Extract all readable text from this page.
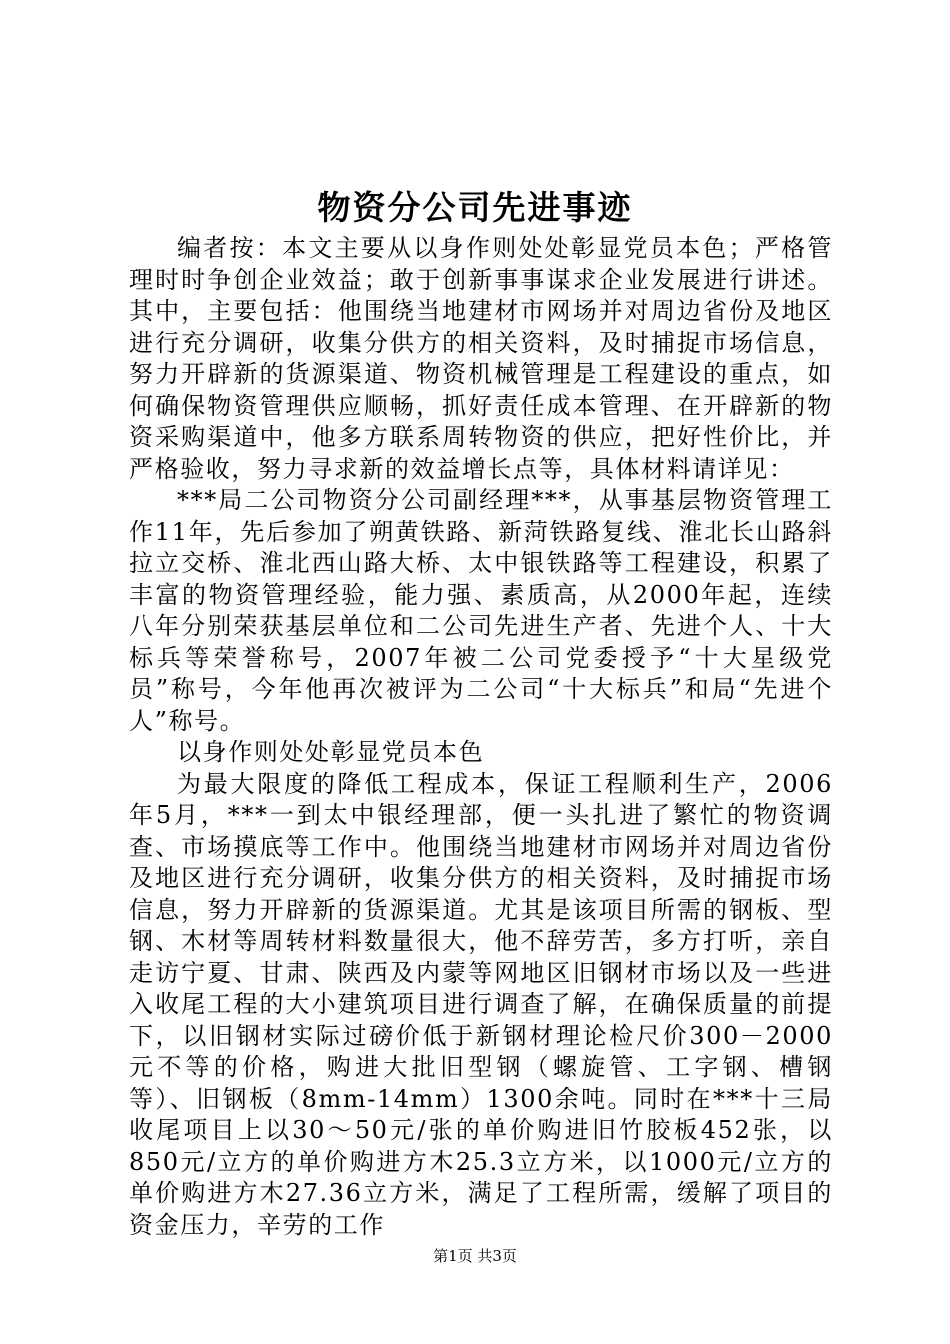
物资分公司先进事迹

编者按：本文主要从以身作则处处彰显党员本色；严格管理时时争创企业效益；敢于创新事事谋求企业发展进行讲述。其中，主要包括：他围绕当地建材市网场并对周边省份及地区进行充分调研，收集分供方的相关资料，及时捕捉市场信息，努力开辟新的货源渠道、物资机械管理是工程建设的重点，如何确保物资管理供应顺畅，抓好责任成本管理、在开辟新的物资采购渠道中，他多方联系周转物资的供应，把好性价比，并严格验收，努力寻求新的效益增长点等，具体材料请详见：

***局二公司物资分公司副经理***，从事基层物资管理工作11年，先后参加了朔黄铁路、新菏铁路复线、淮北长山路斜拉立交桥、淮北西山路大桥、太中银铁路等工程建设，积累了丰富的物资管理经验，能力强、素质高，从2000年起，连续八年分别荣获基层单位和二公司先进生产者、先进个人、十大标兵等荣誉称号，2007年被二公司党委授予“十大星级党员”称号，今年他再次被评为二公司“十大标兵”和局“先进个人”称号。

以身作则处处彰显党员本色

为最大限度的降低工程成本，保证工程顺利生产，2006年5月，***一到太中银经理部，便一头扎进了繁忙的物资调查、市场摸底等工作中。他围绕当地建材市网场并对周边省份及地区进行充分调研，收集分供方的相关资料，及时捕捉市场信息，努力开辟新的货源渠道。尤其是该项目所需的钢板、型钢、木材等周转材料数量很大，他不辞劳苦，多方打听，亲自走访宁夏、甘肃、陕西及内蒙等网地区旧钢材市场以及一些进入收尾工程的大小建筑项目进行调查了解，在确保质量的前提下，以旧钢材实际过磅价低于新钢材理论检尺价300－2000元不等的价格，购进大批旧型钢（螺旋管、工字钢、槽钢等）、旧钢板（8mm-14mm）1300余吨。同时在***十三局收尾项目上以30～50元/张的单价购进旧竹胶板452张，以850元/立方的单价购进方木25.3立方米，以1000元/立方的单价购进方木27.36立方米，满足了工程所需，缓解了项目的资金压力，辛劳的工作

第1页 共3页
